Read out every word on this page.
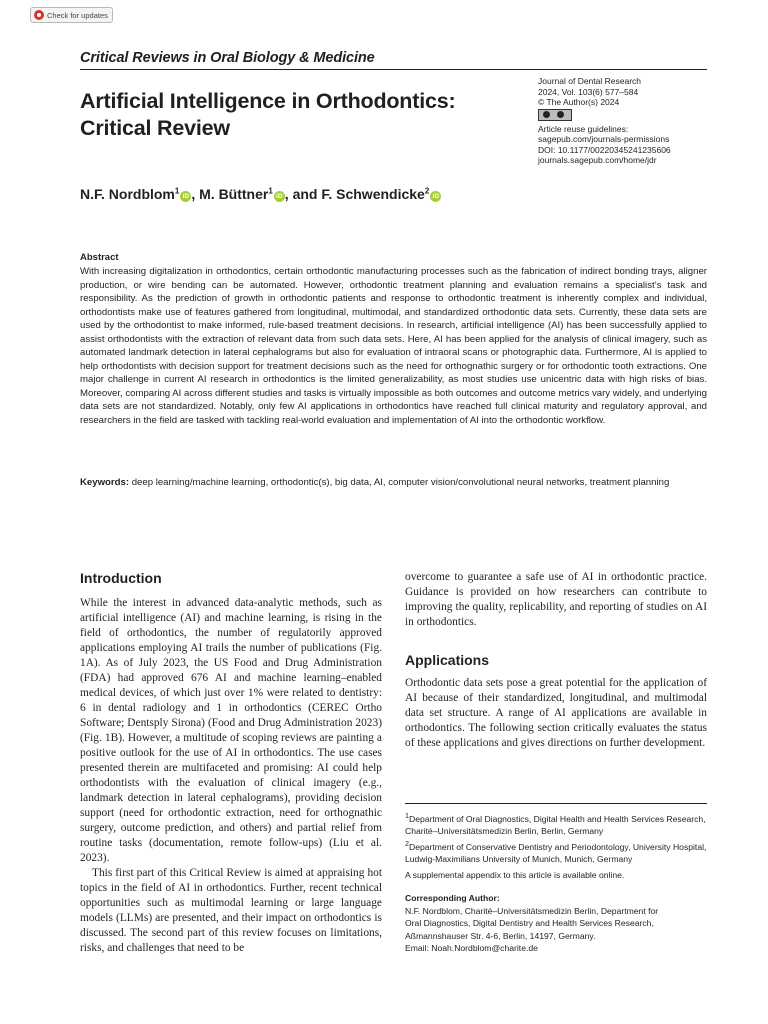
Check for updates
Critical Reviews in Oral Biology & Medicine
Artificial Intelligence in Orthodontics:
Critical Review
Journal of Dental Research
2024, Vol. 103(6) 577–584
© The Author(s) 2024
Article reuse guidelines:
sagepub.com/journals-permissions
DOI: 10.1177/00220345241235606
journals.sagepub.com/home/jdr
N.F. Nordblom$^1$iD , M. Büttner$^1$iD , and F. Schwendicke$^2$iD
Abstract
With increasing digitalization in orthodontics, certain orthodontic manufacturing processes such as the fabrication of indirect bonding trays, aligner production, or wire bending can be automated. However, orthodontic treatment planning and evaluation remains a specialist’s task and responsibility. As the prediction of growth in orthodontic patients and response to orthodontic treatment is inherently complex and individual, orthodontists make use of features gathered from longitudinal, multimodal, and standardized orthodontic data sets. Currently, these data sets are used by the orthodontist to make informed, rule-based treatment decisions. In research, artificial intelligence (AI) has been successfully applied to assist orthodontists with the extraction of relevant data from such data sets. Here, AI has been applied for the analysis of clinical imagery, such as automated landmark detection in lateral cephalograms but also for evaluation of intraoral scans or photographic data. Furthermore, AI is applied to help orthodontists with decision support for treatment decisions such as the need for orthognathic surgery or for orthodontic tooth extractions. One major challenge in current AI research in orthodontics is the limited generalizability, as most studies use unicentric data with high risks of bias. Moreover, comparing AI across different studies and tasks is virtually impossible as both outcomes and outcome metrics vary widely, and underlying data sets are not standardized. Notably, only few AI applications in orthodontics have reached full clinical maturity and regulatory approval, and researchers in the field are tasked with tackling real-world evaluation and implementation of AI into the orthodontic workflow.
Keywords: deep learning/machine learning, orthodontic(s), big data, AI, computer vision/convolutional neural networks, treatment planning
Introduction

While the interest in advanced data-analytic methods, such as artificial intelligence (AI) and machine learning, is rising in the field of orthodontics, the number of regulatorily approved applications employing AI trails the number of publications (Fig. 1A). As of July 2023, the US Food and Drug Administration (FDA) had approved 676 AI and machine learning–enabled medical devices, of which just over 1% were related to dentistry: 6 in dental radiology and 1 in orthodontics (CEREC Ortho Software; Dentsply Sirona) (Food and Drug Administration 2023) (Fig. 1B). However, a multitude of scoping reviews are painting a positive outlook for the use of AI in orthodontics. The use cases presented therein are multifaceted and promising: AI could help orthodontists with the evaluation of clinical imagery (e.g., landmark detection in lateral cephalograms), providing decision support (need for orthodontic extraction, need for orthognathic surgery, outcome prediction, and others) and partial relief from routine tasks (documentation, remote follow-ups) (Liu et al. 2023).

This first part of this Critical Review is aimed at appraising hot topics in the field of AI in orthodontics. Further, recent technical opportunities such as multimodal learning or large language models (LLMs) are presented, and their impact on orthodontics is discussed. The second part of this review focuses on limitations, risks, and challenges that need to be

overcome to guarantee a safe use of AI in orthodontic practice. Guidance is provided on how researchers can contribute to improving the quality, replicability, and reporting of studies on AI in orthodontics.

Applications

Orthodontic data sets pose a great potential for the application of AI because of their standardized, longitudinal, and multimodal data set structure. A range of AI applications are available in orthodontics. The following section critically evaluates the status of these applications and gives directions on further development.

$^1$Department of Oral Diagnostics, Digital Health and Health Services Research, Charité–Universitätsmedizin Berlin, Berlin, Germany

$^2$Department of Conservative Dentistry and Periodontology, University Hospital, Ludwig-Maximilians University of Munich, Munich, Germany

A supplemental appendix to this article is available online.

Corresponding Author:

N.F. Nordblom, Charité–Universitätsmedizin Berlin, Department for

Oral Diagnostics, Digital Dentistry and Health Services Research,

Aßmannshauser Str. 4-6, Berlin, 14197, Germany.

Email: Noah.Nordblom@charite.de
